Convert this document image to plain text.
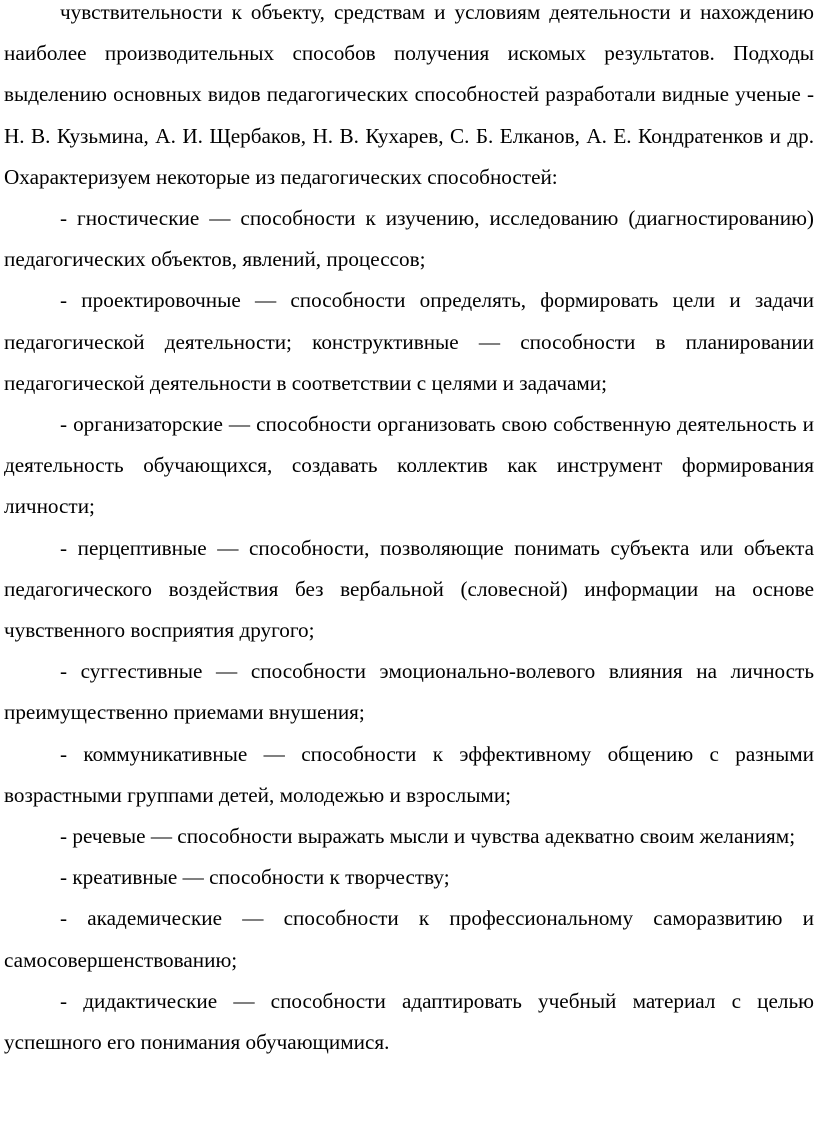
чувствительности к объекту, средствам и условиям деятельности и нахождению наиболее производительных способов получения искомых результатов. Подходы выделению основных видов педагогических способностей разработали видные ученые - Н. В. Кузьмина, А. И. Щербаков, Н. В. Кухарев, С. Б. Елканов, А. Е. Кондратенков и др. Охарактеризуем некоторые из педагогических способностей:

- гностические — способности к изучению, исследованию (диагностированию) педагогических объектов, явлений, процессов;

- проектировочные — способности определять, формировать цели и задачи педагогической деятельности; конструктивные — способности в планировании педагогической деятельности в соответствии с целями и задачами;

- организаторские — способности организовать свою собственную деятельность и деятельность обучающихся, создавать коллектив как инструмент формирования личности;

- перцептивные — способности, позволяющие понимать субъекта или объекта педагогического воздействия без вербальной (словесной) информации на основе чувственного восприятия другого;

- суггестивные — способности эмоционально-волевого влияния на личность преимущественно приемами внушения;

- коммуникативные — способности к эффективному общению с разными возрастными группами детей, молодежью и взрослыми;

- речевые — способности выражать мысли и чувства адекватно своим желаниям;

- креативные — способности к творчеству;

- академические — способности к профессиональному саморазвитию и самосовершенствованию;

- дидактические — способности адаптировать учебный материал с целью успешного его понимания обучающимися.
